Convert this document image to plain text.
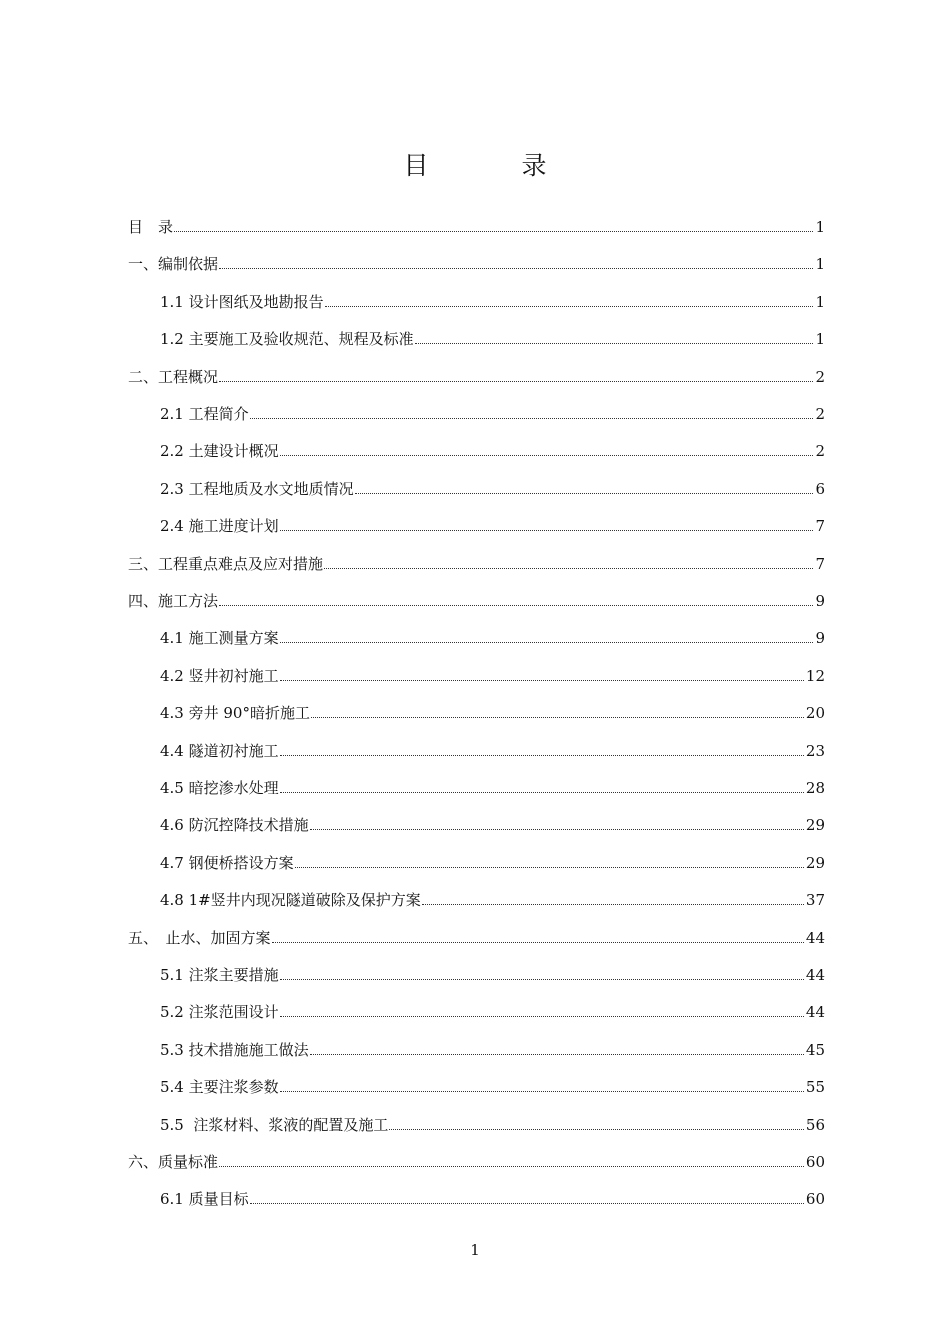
目　录
目　录	1
一、编制依据	1
1.1 设计图纸及地勘报告	1
1.2 主要施工及验收规范、规程及标准	1
二、工程概况	2
2.1 工程简介	2
2.2 土建设计概况	2
2.3 工程地质及水文地质情况	6
2.4 施工进度计划	7
三、工程重点难点及应对措施	7
四、施工方法	9
4.1 施工测量方案	9
4.2 竖井初衬施工	12
4.3 旁井 90°暗折施工	20
4.4 隧道初衬施工	23
4.5 暗挖渗水处理	28
4.6 防沉控降技术措施	29
4.7 钢便桥搭设方案	29
4.8 1#竖井内现况隧道破除及保护方案	37
五、　止水、加固方案	44
5.1 注浆主要措施	44
5.2 注浆范围设计	44
5.3 技术措施施工做法	45
5.4 主要注浆参数	55
5.5  注浆材料、浆液的配置及施工	56
六、质量标准	60
6.1 质量目标	60
1
